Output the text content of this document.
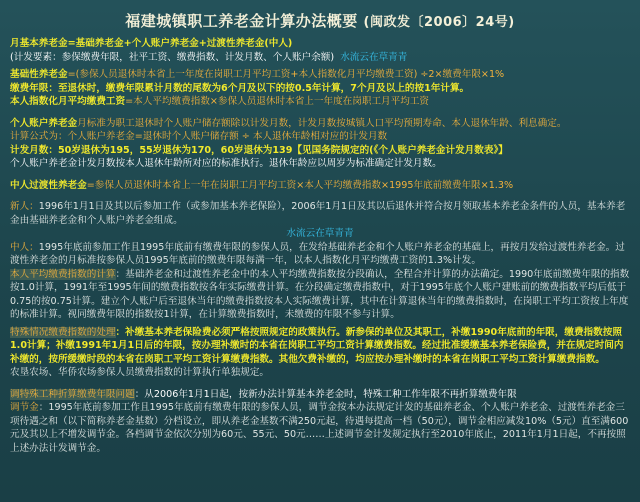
福建城镇职工养老金计算办法概要 (闽政发〔2006〕24号)

月基本养老金=基础养老金+个人账户养老金+过渡性养老金(中人)

(计发要素：参保缴费年限，社平工资、缴费指数、计发月数、个人账户余额) 水流云在草青青

基础性养老金=(参保人员退休时本省上一年度在岗职工月平均工资+本人指数化月平均缴费工资) ÷2×缴费年限×1%

缴费年限：至退休时，缴费年限累计月数的尾数为6个月及以下的按0.5年计算，7个月及以上的按1年计算。

本人指数化月平均缴费工资=本人平均缴费指数×参保人员退休时本省上一年度在岗职工月平均工资

个人账户养老金月标准为职工退休时个人账户储存额除以计发月数，计发月数按城镇人口平均预期寿命、本人退休年龄、利息确定。

计算公式为：个人账户养老金=退休时个人账户储存额 ÷ 本人退休年龄相对应的计发月数

计发月数：50岁退休为195，55岁退休为170，60岁退休为139【见国务院规定的(《个人账户养老金计发月数表》】

个人账户养老金计发月数按本人退休年龄所对应的标准执行。退休年龄应以周岁为标准确定计发月数。

中人过渡性养老金=参保人员退休时本省上一年在岗职工月平均工资×本人平均缴费指数×1995年底前缴费年限×1.3%

新人：1996年1月1日及其以后参加工作（或参加基本养老保险），2006年1月1日及其以后退休并符合按月领取基本养老金条件的人员，基本养老金由基础养老金和个人账户养老金组成。

水流云在草青青

中人：1995年底前参加工作且1995年底前有缴费年限的参保人员，在发给基础养老金和个人账户养老金的基础上，再按月发给过渡性养老金。过渡性养老金的月标准按参保人员1995年底前的缴费年限每满一年，以本人指数化月平均缴费工资的1.3%计发。

本人平均缴费指数的计算：基础养老金和过渡性养老金中的本人平均缴费指数按分段确认，全程合并计算的办法确定。1990年底前缴费年限的指数按1.0计算，1991年至1995年间的缴费指数按各年实际缴费计算。在分段确定缴费指数中，对于1995年底个人账户建账前的缴费指数平均后低于0.75的按0.75计算。建立个人账户后至退休当年的缴费指数按本人实际缴费计算，其中在计算退休当年的缴费指数时，在岗职工平均工资按上年度的标准计算。视同缴费年限的指数按1计算，在计算缴费指数时，未缴费的年限不参与计算。

特殊情况缴费指数的处理：补缴基本养老保险费必须严格按照规定的政策执行。新参保的单位及其职工，补缴1990年底前的年限，缴费指数按照1.0计算；补缴1991年1月1日后的年限，按办理补缴时的本省在岗职工平均工资计算缴费指数。经过批准缓缴基本养老保险费，并在规定时间内补缴的，按所缓缴时段的本省在岗职工平均工资计算缴费指数。其他欠费补缴的，均应按办理补缴时的本省在岗职工平均工资计算缴费指数。

农垦农场、华侨农场参保人员缴费指数的计算执行单独规定。

调特殊工种折算缴费年限问题：从2006年1月1日起，按新办法计算基本养老金时，特殊工种工作年限不再折算缴费年限

调节金：1995年底前参加工作且1995年底前有缴费年限的参保人员，调节金按本办法规定计发的基础养老金、个人账户养老金、过渡性养老金三项待遇之和（以下简称养老金基数）分档设立，即从养老金基数不满250元起，待遇每提高一档（50元），调节金相应减发10%（5元）直至满600元及其以上不增发调节金。各档调节金依次分别为60元、55元、50元……上述调节金计发规定执行至2010年底止，2011年1月1日起，不再按照上述办法计发调节金。
